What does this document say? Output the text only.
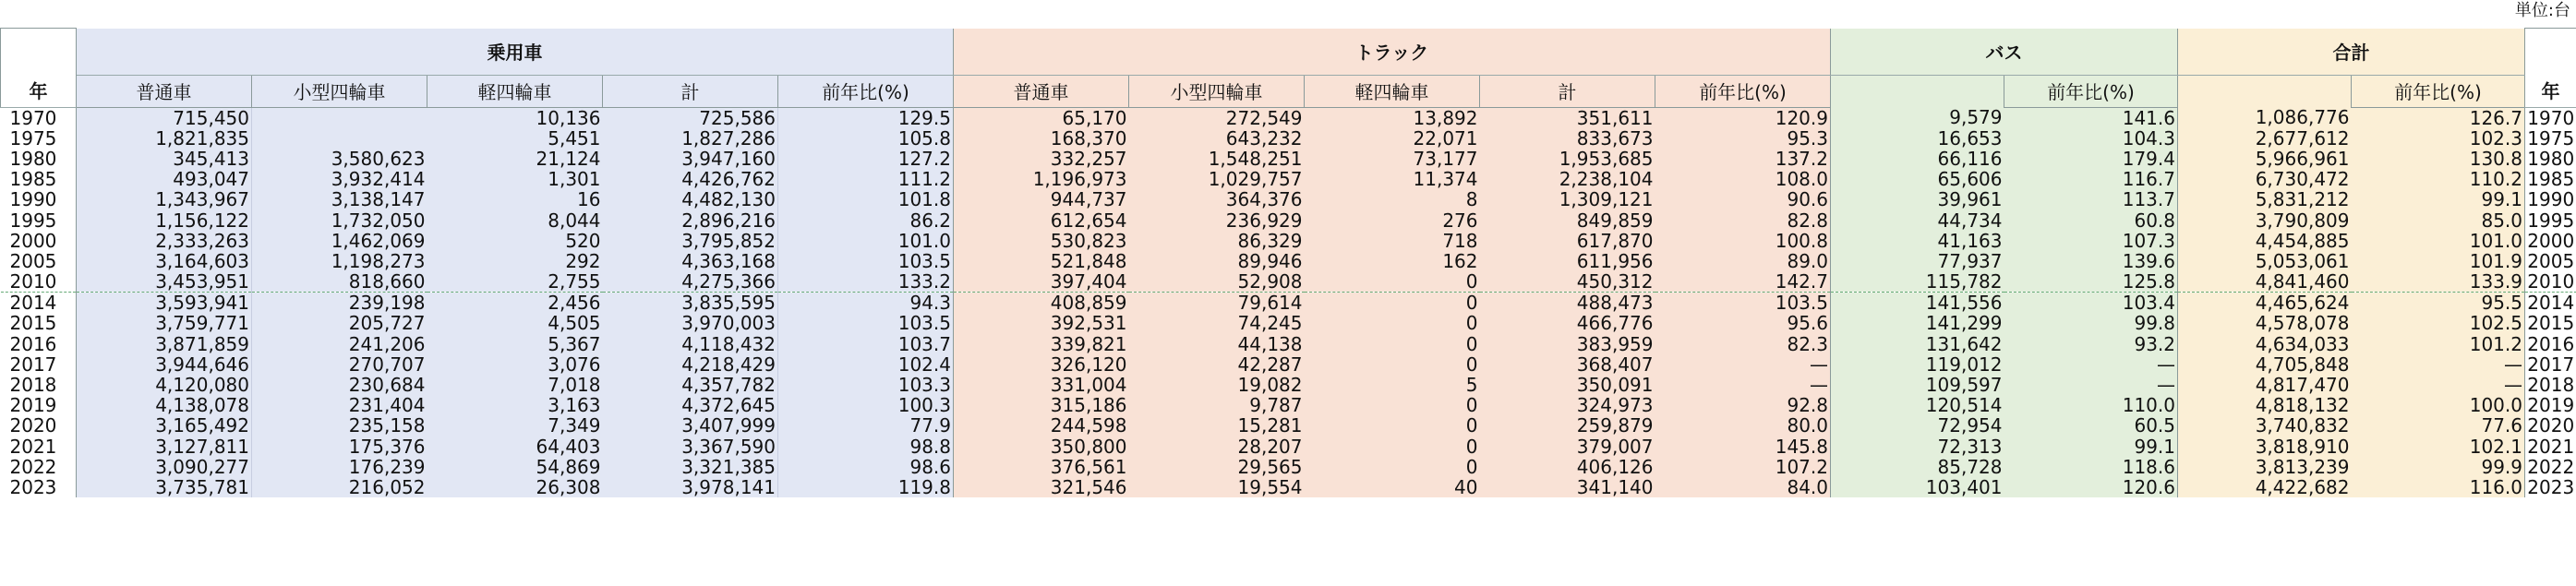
単位:台
年	乗用車					トラック					バス		合計		年
	普通車	小型四輪車	軽四輪車	計	前年比(%)	普通車	小型四輪車	軽四輪車	計	前年比(%)		前年比(%)		前年比(%)	
1970	715,450		10,136	725,586	129.5	65,170	272,549	13,892	351,611	120.9	9,579	141.6	1,086,776	126.7	1970
1975	1,821,835		5,451	1,827,286	105.8	168,370	643,232	22,071	833,673	95.3	16,653	104.3	2,677,612	102.3	1975
1980	345,413	3,580,623	21,124	3,947,160	127.2	332,257	1,548,251	73,177	1,953,685	137.2	66,116	179.4	5,966,961	130.8	1980
1985	493,047	3,932,414	1,301	4,426,762	111.2	1,196,973	1,029,757	11,374	2,238,104	108.0	65,606	116.7	6,730,472	110.2	1985
1990	1,343,967	3,138,147	16	4,482,130	101.8	944,737	364,376	8	1,309,121	90.6	39,961	113.7	5,831,212	99.1	1990
1995	1,156,122	1,732,050	8,044	2,896,216	86.2	612,654	236,929	276	849,859	82.8	44,734	60.8	3,790,809	85.0	1995
2000	2,333,263	1,462,069	520	3,795,852	101.0	530,823	86,329	718	617,870	100.8	41,163	107.3	4,454,885	101.0	2000
2005	3,164,603	1,198,273	292	4,363,168	103.5	521,848	89,946	162	611,956	89.0	77,937	139.6	5,053,061	101.9	2005
2010	3,453,951	818,660	2,755	4,275,366	133.2	397,404	52,908	0	450,312	142.7	115,782	125.8	4,841,460	133.9	2010
2014	3,593,941	239,198	2,456	3,835,595	94.3	408,859	79,614	0	488,473	103.5	141,556	103.4	4,465,624	95.5	2014
2015	3,759,771	205,727	4,505	3,970,003	103.5	392,531	74,245	0	466,776	95.6	141,299	99.8	4,578,078	102.5	2015
2016	3,871,859	241,206	5,367	4,118,432	103.7	339,821	44,138	0	383,959	82.3	131,642	93.2	4,634,033	101.2	2016
2017	3,944,646	270,707	3,076	4,218,429	102.4	326,120	42,287	0	368,407	—	119,012	—	4,705,848	—	2017
2018	4,120,080	230,684	7,018	4,357,782	103.3	331,004	19,082	5	350,091	—	109,597	—	4,817,470	—	2018
2019	4,138,078	231,404	3,163	4,372,645	100.3	315,186	9,787	0	324,973	92.8	120,514	110.0	4,818,132	100.0	2019
2020	3,165,492	235,158	7,349	3,407,999	77.9	244,598	15,281	0	259,879	80.0	72,954	60.5	3,740,832	77.6	2020
2021	3,127,811	175,376	64,403	3,367,590	98.8	350,800	28,207	0	379,007	145.8	72,313	99.1	3,818,910	102.1	2021
2022	3,090,277	176,239	54,869	3,321,385	98.6	376,561	29,565	0	406,126	107.2	85,728	118.6	3,813,239	99.9	2022
2023	3,735,781	216,052	26,308	3,978,141	119.8	321,546	19,554	40	341,140	84.0	103,401	120.6	4,422,682	116.0	2023
